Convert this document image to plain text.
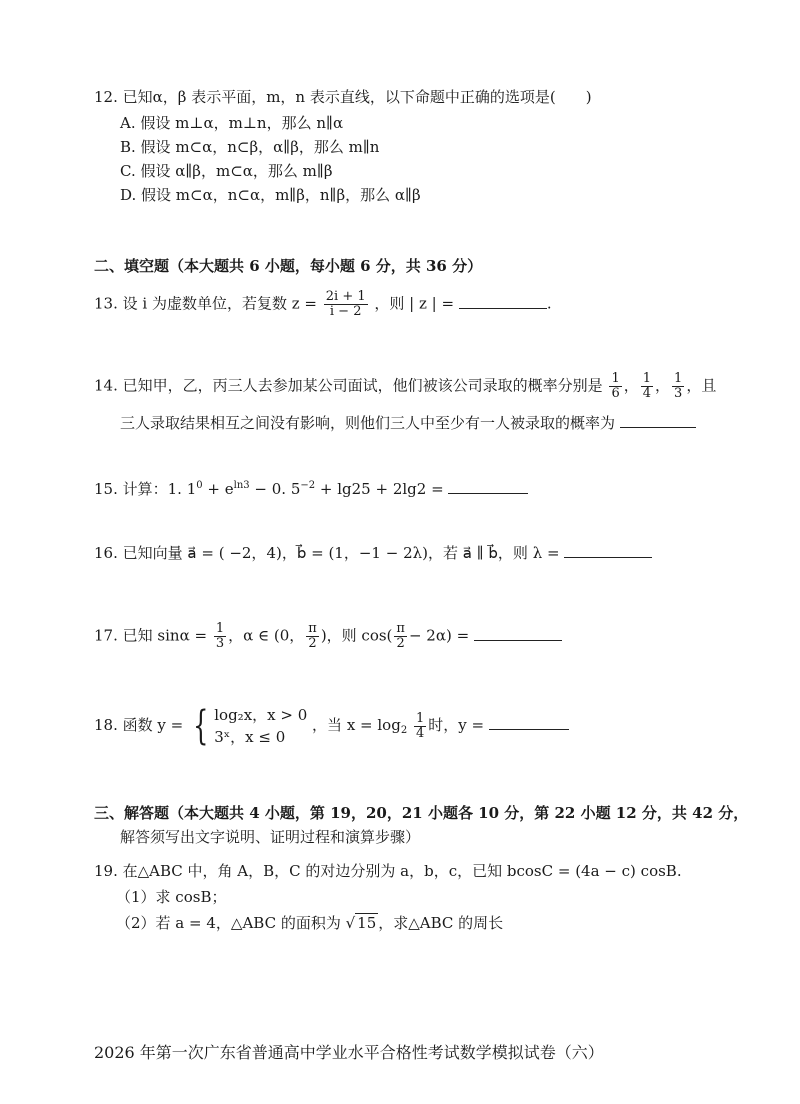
12. 已知α，β 表示平面，m，n 表示直线，以下命题中正确的选项是(　　)
A. 假设 m⊥α，m⊥n，那么 n∥α
B. 假设 m⊂α，n⊂β，α∥β，那么 m∥n
C. 假设 α∥β，m⊂α，那么 m∥β
D. 假设 m⊂α，n⊂α，m∥β，n∥β，那么 α∥β
二、填空题（本大题共 6 小题，每小题 6 分，共 36 分）
13. 设 i 为虚数单位，若复数 $z = \frac{2i + 1}{i - 2}$ ，则 | z | =	.
14. 已知甲，乙，丙三人去参加某公司面试，他们被该公司录取的概率分别是 $\frac{1}{6}$ ， $\frac{1}{4}$ ， $\frac{1}{3}$ ，且
三人录取结果相互之间没有影响，则他们三人中至少有一人被录取的概率为
15. 计算：1. $1^0 + e^{ln3} - 0$. $5^{-2} + \lg 25 + 2\lg 2$ =
16. 已知向量 a⃗ = ( −2，4)，b⃗ = (1，−1 − 2λ)，若 a⃗ ∥ b⃗，则 λ =
17. 已知 $\sin\alpha = \frac{1}{3}$ ，α ∈ (0， $\frac{\pi}{2}$ )，则 $\cos( \frac{\pi}{2} - 2\alpha)$ =
18. 函数 y = { log₂x，x > 0
3ˣ，x ≤ 0
，当 $x = \log_2 \frac{1}{4}$ 时，y =
三、解答题（本大题共 4 小题，第 19，20，21 小题各 10 分，第 22 小题 12 分，共 42 分，
解答须写出文字说明、证明过程和演算步骤）
19. 在△ABC 中，角 A，B，C 的对边分别为 a，b，c，已知 bcosC = (4a − c) cosB.
（1）求 cosB；
（2）若 a = 4，△ABC 的面积为 √ 15 ，求△ABC 的周长
2026 年第一次广东省普通高中学业水平合格性考试数学模拟试卷（六）
